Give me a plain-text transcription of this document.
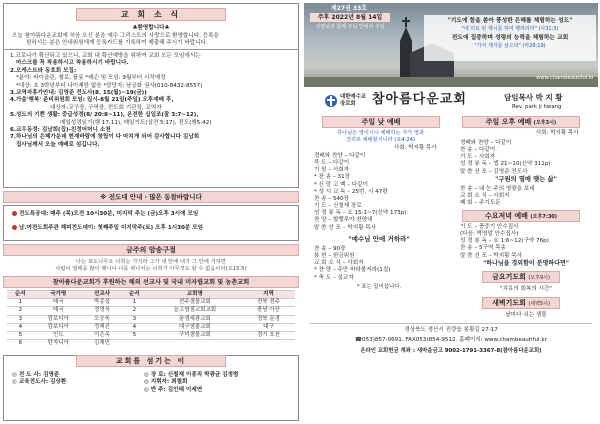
교 회 소 식
♣환영합니다♣
오늘 참아름다운교회에 처음 오신 분을 예수 그리스도의 사랑으로 환영합니다. 등록을
원하시는 분은 안내위원에게 등록카드를 기록하여 제출해 주시기 바랍니다.
1.코로나가 확산되고 있으니, 교회 내 확산예방을 위하여 교회 모든 모임에서는
마스크를 꼭 착용하시고 착용하시기 바랍니다.
2.오케스트라 동호회 모집:
*분야: 바이올린, 첼로, 플룻 *레슨 및 모임: 9월부터 시작예정
*대상: 초 3학년부터 나이제한 없음 *담당자: 남궁화 권사(010-8432-8557)
3.교역자휴가안내: 김영준 전도사(8. 15(월)~19(금))
4.가을'행복' 준비위원회 모임: 일시-8월 21일(주일) 오후예배 후,
대상자-교구장, 구역장, 전도회 기관장, 교역자
5.성도의 기쁜 생활: 중급성경(8/ 20:8~11), 온전한 십일조(잘 3:7~12),
매일성경읽기(행 17:11), 매일기도(살전 5:17), 전도(행5:42)
6.교우동정: 김남희(집)-친정어머니 소천
7.하나님의 은혜가운데 현재바람에 창립이 다 마치게 되어 감사합니다 김남희
집사님께서 오늘 예배로 섬깁니다.
※ 전도대 안내 · 많은 동참바랍니다
전도특공대: 매주 (목)오전 10시30분, 미지막 주는 (금)오후 3시에 모임
남.여전도회주관 해피전도데이: 첫째주일 미지막주(토) 오후 1시30분 모임
금주의 암송구절
나는 포도나무요 너희는 가지라 그가 내 안에 내가 그 안에 거하면
사람이 열매를 많이 맺나니 나를 떠나서는 너희가 아무것도 할 수 없음이라(요15:5)
참아름다운교회가 후원하는 해외 선교사 및 국내 미자립교회 및 농촌교회
순서	국가명	선교사	순서	교회명	지역
1	태국	박종섭	1	전주샘물교회	전북 전주
2	태국	정영식	2	늘고염샘교회교회	충남 아산
3	캄보디아	오승욱	3	꿈샘세광교회	경북 문경
4	캄보디아	정해진	4	대구샘물교회	대구
5	인도	이은옥	5	구미샘물교회	경기 포천
6	탄자니아	김채민			
교회를 섬기는 이
◎ 전 도 사: 김영준
◎ 교육전도사: 김상환
◎ 장 로: 신철재 이종직 박광균 김정범
◎ 지휘자: 최철회
◎ 반 주: 김인태 이세연
제27권 33호
주후 2022년 8월 14일
성령님과 함께 주님 안에서 주일
"기도에 힘을 쏟아 풍성한 은혜를 체험하는 성도"
"내 의로 된 계시를 하여 행하리라" (사31:3)
전도에 집중하며 성령의 능력을 체험하는 교회
"가서 제자를 삼으라" (마28:19)
www.chambeautiful.kr
대한예수교
장로회	참아름다운교회	담임목사 박 지 황
Rev. park ji hwang
주일 낮 예배
하나님은 영이시니 예배하는 자가 영과
진리로 예배할지니라 (요4:24)
사회: 박지황 목사
경배와 찬양 – 다같이
묵 도 – 다같이
기 원 – 사회자
* 찬 송 – 31장
* 신 앙 고 백 – 다같이
* 성 시 교 독 – 25번, 시 47편
찬 송 – 540장
기 도 – 신철재 장로
성 경 봉 독 – 요 15:1~7(신약 173p)
찬 양 – 할렐루야 찬양대
말 씀 선 포 – 박지황 목사
"예수님 안에 거하라"
찬 송 – 90장
봉 헌 – 한금위원
교 회 소 식 – 사회자
* 찬 양 – 주만 바라볼지라(1절)
* 축 도 – 설교자
* 표는 일어섭니다.
주일 오후 예배 (오후3시)
사회: 박지황 목사
경배와 찬양 – 다같이
찬 송 – 다같이
기 도 – 사회자
성 경 봉 독 – 엡 21~10(신약 311p)
말 씀 선 포 – 김영준 전도사
"구원의 열매 맺는 삶"
찬 송 – 내 눈 주의 영광을 보네
교 회 소 식 – 사회자
폐 회 – 주기도문
수요저녁 예배 (오후7:30)
기 도 – 풍중기 안수집사
(다음: 박영말 안수집사)
성 경 봉 독 – 요 1:6~12(구약 76p)
찬 송 – 5구역 목송
말 씀 선 포 – 박지황 목사
"하나님을 경외함이 분명하다면"
금요기도회 (오후9시)
"치유의 회복의 시간"
새벽기도회 (새벽5시)
날마다 쉬는 샘물
경상북도 경산시 진량읍 봉황길 27-17
☎053)857-0691. FAX053)854-9512. 홈페이지: www.chambeautiful.kr
온라인 교회헌금 계좌 : 새마을금고 9002-1791-3367-8(참아름다운교회)
